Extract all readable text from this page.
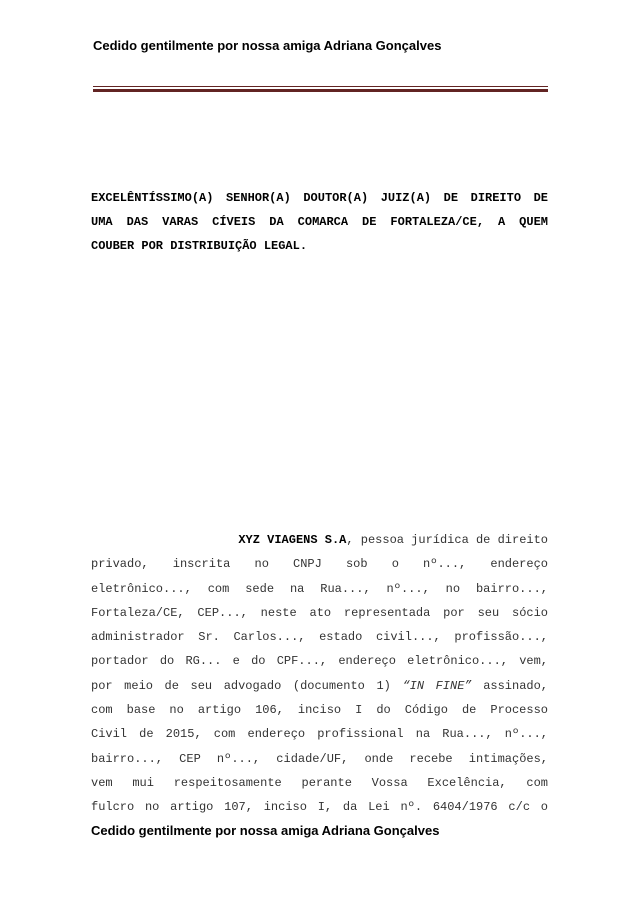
Cedido gentilmente por nossa amiga Adriana Gonçalves
EXCELÊNTÍSSIMO(A) SENHOR(A) DOUTOR(A) JUIZ(A) DE DIREITO DE
UMA DAS VARAS CÍVEIS DA COMARCA DE FORTALEZA/CE, A QUEM
COUBER POR DISTRIBUIÇÃO LEGAL.
XYZ VIAGENS S.A, pessoa jurídica de direito
privado, inscrita no CNPJ sob o nº..., endereço
eletrônico..., com sede na Rua..., nº..., no bairro...,
Fortaleza/CE, CEP..., neste ato representada por seu sócio
administrador Sr. Carlos..., estado civil..., profissão...,
portador do RG... e do CPF..., endereço eletrônico..., vem,
por meio de seu advogado (documento 1) “IN FINE” assinado,
com base no artigo 106, inciso I do Código de Processo
Civil de 2015, com endereço profissional na Rua..., nº...,
bairro..., CEP nº..., cidade/UF, onde recebe intimações,
vem mui respeitosamente perante Vossa Excelência, com
fulcro no artigo 107, inciso I, da Lei nº. 6404/1976 c/c o
Cedido gentilmente por nossa amiga Adriana Gonçalves
